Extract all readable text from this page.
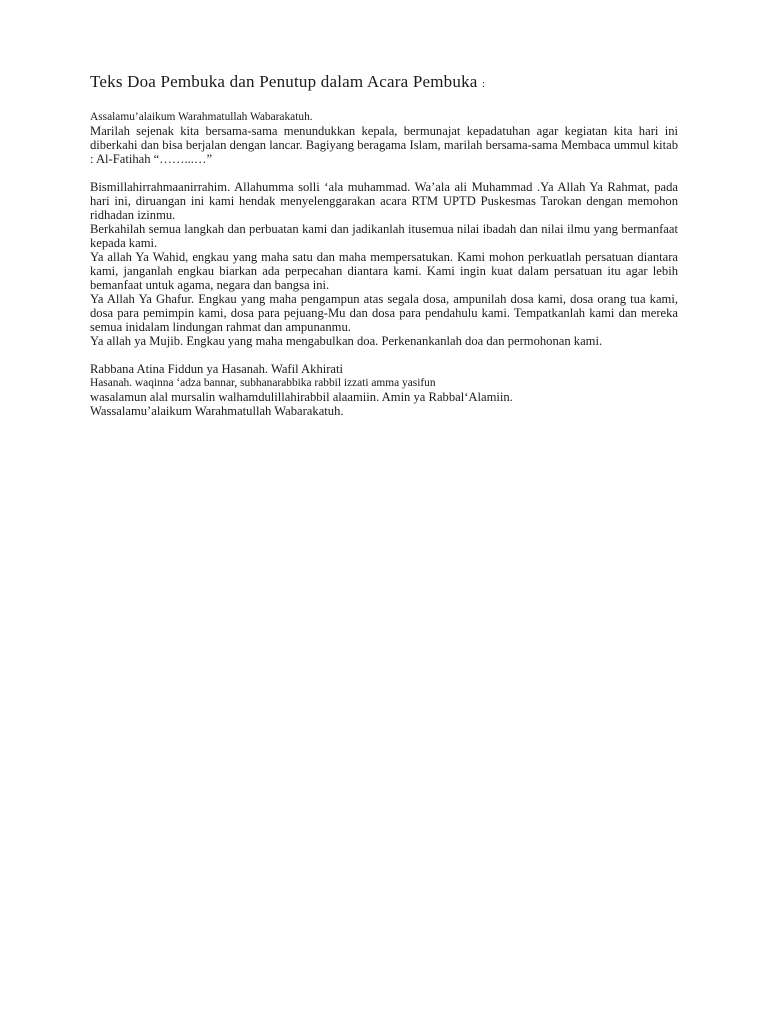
Teks Doa Pembuka dan Penutup dalam Acara Pembuka :

Assalamu’alaikum Warahmatullah Wabarakatuh.

Marilah sejenak kita bersama-sama menundukkan kepala, bermunajat kepadatuhan agar kegiatan kita hari ini diberkahi dan bisa berjalan dengan lancar. Bagiyang beragama Islam, marilah bersama-sama Membaca ummul kitab : Al-Fatihah “……...…”

Bismillahirrahmaanirrahim. Allahumma solli ‘ala muhammad. Wa’ala ali Muhammad .Ya Allah Ya Rahmat, pada hari ini, diruangan ini kami hendak menyelenggarakan acara RTM UPTD Puskesmas Tarokan dengan memohon ridhadan izinmu.

Berkahilah semua langkah dan perbuatan kami dan jadikanlah itusemua nilai ibadah dan nilai ilmu yang bermanfaat kepada kami.

Ya allah Ya Wahid, engkau yang maha satu dan maha mempersatukan. Kami mohon perkuatlah persatuan diantara kami, janganlah engkau biarkan ada perpecahan diantara kami. Kami ingin kuat dalam persatuan itu agar lebih bemanfaat untuk agama, negara dan bangsa ini.

Ya Allah Ya Ghafur. Engkau yang maha pengampun atas segala dosa, ampunilah dosa kami, dosa orang tua kami, dosa para pemimpin kami, dosa para pejuang-Mu dan dosa para pendahulu kami. Tempatkanlah kami dan mereka semua inidalam lindungan rahmat dan ampunanmu.

Ya allah ya Mujib. Engkau yang maha mengabulkan doa. Perkenankanlah doa dan permohonan kami.

Rabbana Atina Fiddun ya Hasanah. Wafil Akhirati

Hasanah. waqinna ‘adza bannar, subhanarabbika rabbil izzati amma yasifun

wasalamun alal mursalin walhamdulillahirabbil alaamiin. Amin ya Rabbal‘Alamiin.

Wassalamu’alaikum Warahmatullah Wabarakatuh.
